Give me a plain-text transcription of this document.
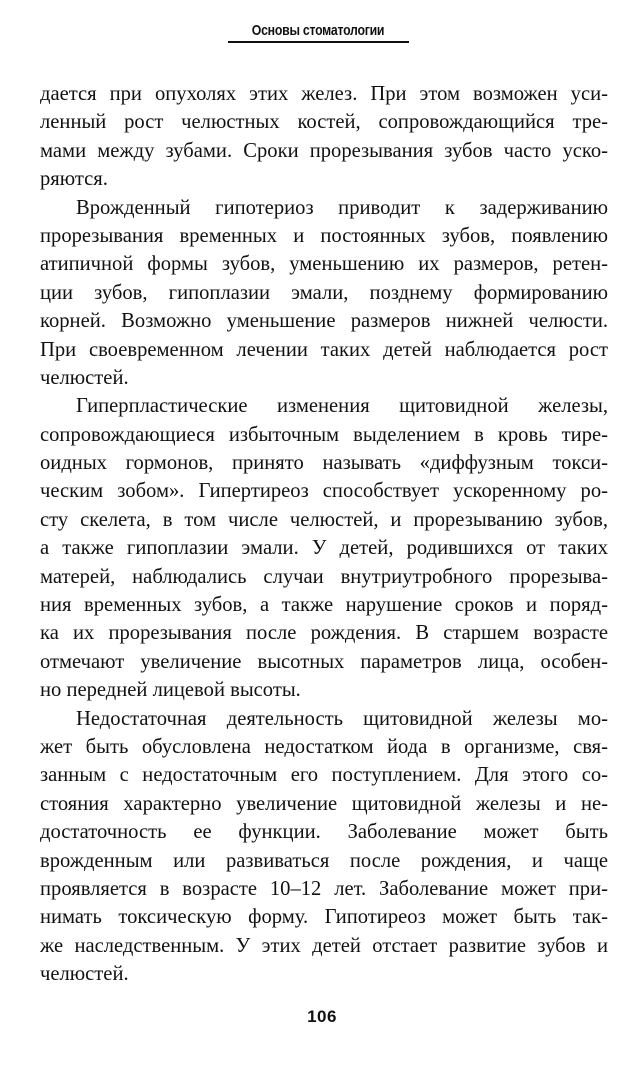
Основы стоматологии
дается при опухолях этих желез. При этом возможен уси-
ленный рост челюстных костей, сопровождающийся тре-
мами между зубами. Сроки прорезывания зубов часто уско-
ряются.
Врожденный гипотериоз приводит к задерживанию
прорезывания временных и постоянных зубов, появлению
атипичной формы зубов, уменьшению их размеров, ретен-
ции зубов, гипоплазии эмали, позднему формированию
корней. Возможно уменьшение размеров нижней челюсти.
При своевременном лечении таких детей наблюдается рост
челюстей.
Гиперпластические изменения щитовидной железы,
сопровождающиеся избыточным выделением в кровь тире-
оидных гормонов, принято называть «диффузным токси-
ческим зобом». Гипертиреоз способствует ускоренному ро-
сту скелета, в том числе челюстей, и прорезыванию зубов,
а также гипоплазии эмали. У детей, родившихся от таких
матерей, наблюдались случаи внутриутробного прорезыва-
ния временных зубов, а также нарушение сроков и поряд-
ка их прорезывания после рождения. В старшем возрасте
отмечают увеличение высотных параметров лица, особен-
но передней лицевой высоты.
Недостаточная деятельность щитовидной железы мо-
жет быть обусловлена недостатком йода в организме, свя-
занным с недостаточным его поступлением. Для этого со-
стояния характерно увеличение щитовидной железы и не-
достаточность ее функции. Заболевание может быть
врожденным или развиваться после рождения, и чаще
проявляется в возрасте 10–12 лет. Заболевание может при-
нимать токсическую форму. Гипотиреоз может быть так-
же наследственным. У этих детей отстает развитие зубов и
челюстей.
106
